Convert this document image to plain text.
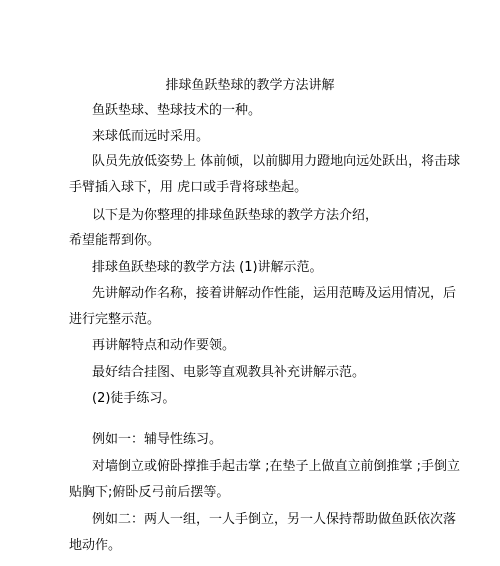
排球鱼跃垫球的教学方法讲解
鱼跃垫球、垫球技术的一种。
来球低而远时采用。
队员先放低姿势上 体前倾，以前脚用力蹬地向远处跃出，将击球
手臂插入球下，用 虎口或手背将球垫起。
以下是为你整理的排球鱼跃垫球的教学方法介绍，
希望能帮到你。
排球鱼跃垫球的教学方法 (1)讲解示范。
先讲解动作名称，接着讲解动作性能，运用范畴及运用情况，后
进行完整示范。
再讲解特点和动作要领。
最好结合挂图、电影等直观教具补充讲解示范。
(2)徒手练习。
例如一：辅导性练习。
对墙倒立或俯卧撑推手起击掌 ;在垫子上做直立前倒推掌 ;手倒立
贴胸下;俯卧反弓前后摆等。
例如二：两人一组，一人手倒立，另一人保持帮助做鱼跃依次落
地动作。
